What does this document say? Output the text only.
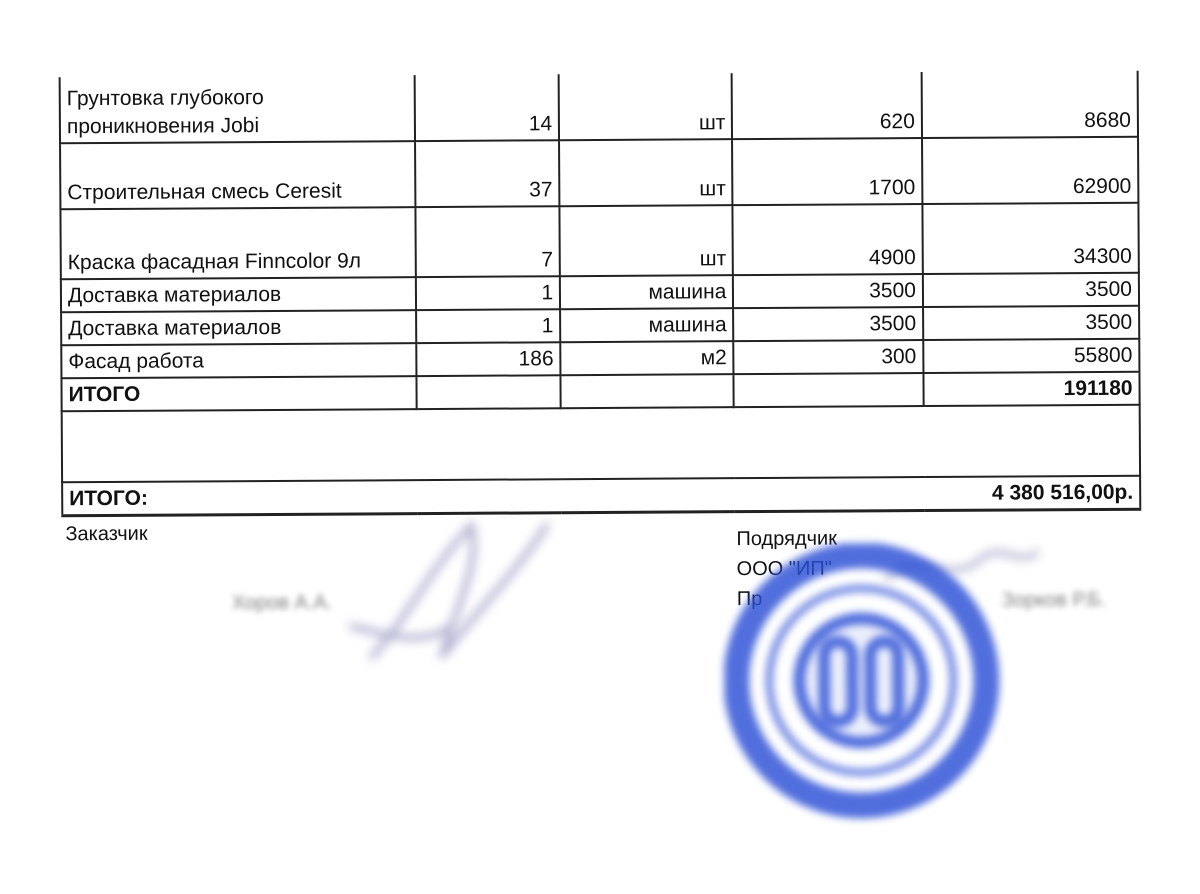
Грунтовка глубокого
проникновения Jobi	14	шт	620	8680
Строительная смесь Ceresit	37	шт	1700	62900
Краска фасадная Finncolor 9л	7	шт	4900	34300
Доставка материалов	1	машина	3500	3500
Доставка материалов	1	машина	3500	3500
Фасад работа	186	м2	300	55800
ИТОГО				191180

ИТОГО:			4 380 516,00р.	
Заказчик
Хоров А.А.
Подрядчик
ООО "ИП"
Пр	Зорков Р.Б.
